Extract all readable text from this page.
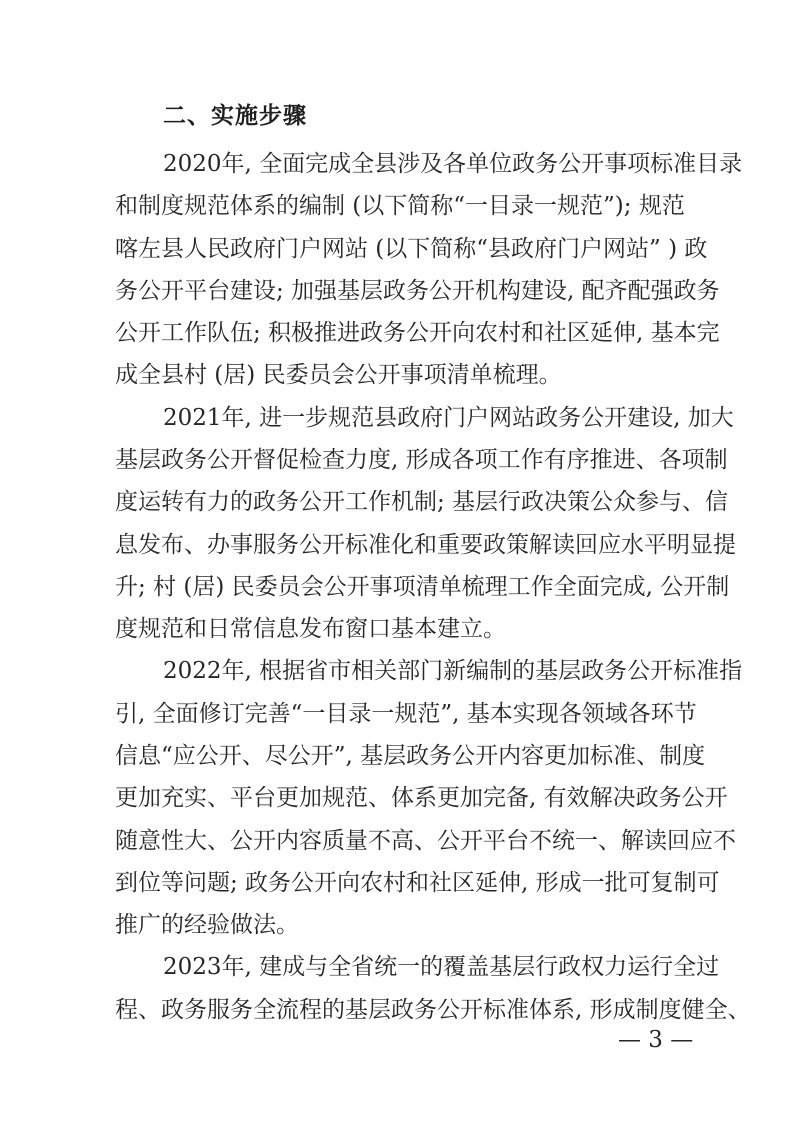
二、实施步骤
2020年, 全面完成全县涉及各单位政务公开事项标准目录
和制度规范体系的编制 (以下简称“一目录一规范”); 规范
喀左县人民政府门户网站 (以下简称“县政府门户网站” ) 政
务公开平台建设; 加强基层政务公开机构建设, 配齐配强政务
公开工作队伍; 积极推进政务公开向农村和社区延伸, 基本完
成全县村 (居) 民委员会公开事项清单梳理。
2021年, 进一步规范县政府门户网站政务公开建设, 加大
基层政务公开督促检查力度, 形成各项工作有序推进、各项制
度运转有力的政务公开工作机制; 基层行政决策公众参与、信
息发布、办事服务公开标准化和重要政策解读回应水平明显提
升; 村 (居) 民委员会公开事项清单梳理工作全面完成, 公开制
度规范和日常信息发布窗口基本建立。
2022年, 根据省市相关部门新编制的基层政务公开标准指
引, 全面修订完善“一目录一规范”, 基本实现各领域各环节
信息“应公开、尽公开”, 基层政务公开内容更加标准、制度
更加充实、平台更加规范、体系更加完备, 有效解决政务公开
随意性大、公开内容质量不高、公开平台不统一、解读回应不
到位等问题; 政务公开向农村和社区延伸, 形成一批可复制可
推广的经验做法。
2023年, 建成与全省统一的覆盖基层行政权力运行全过
程、政务服务全流程的基层政务公开标准体系, 形成制度健全、
— 3 —
